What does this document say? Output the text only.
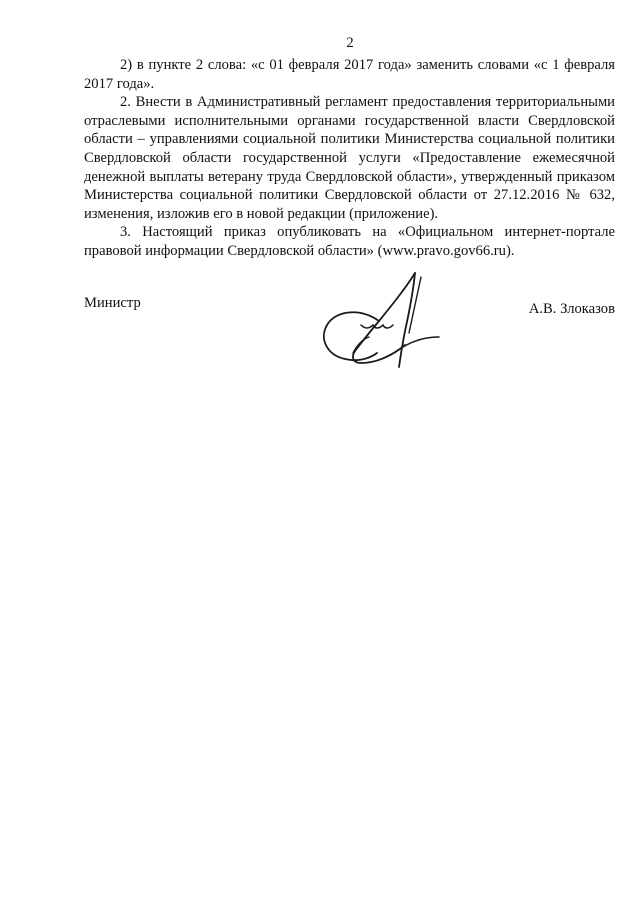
2

2) в пункте 2 слова: «с 01 февраля 2017 года» заменить словами «с 1 февраля 2017 года».

2. Внести в Административный регламент предоставления территориальными отраслевыми исполнительными органами государственной власти Свердловской области – управлениями социальной политики Министерства социальной политики Свердловской области государственной услуги «Предоставление ежемесячной денежной выплаты ветерану труда Свердловской области», утвержденный приказом Министерства социальной политики Свердловской области от 27.12.2016 № 632, изменения, изложив его в новой редакции (приложение).

3. Настоящий приказ опубликовать на «Официальном интернет-портале правовой информации Свердловской области» (www.pravo.gov66.ru).

Министр	А.В. Злоказов
